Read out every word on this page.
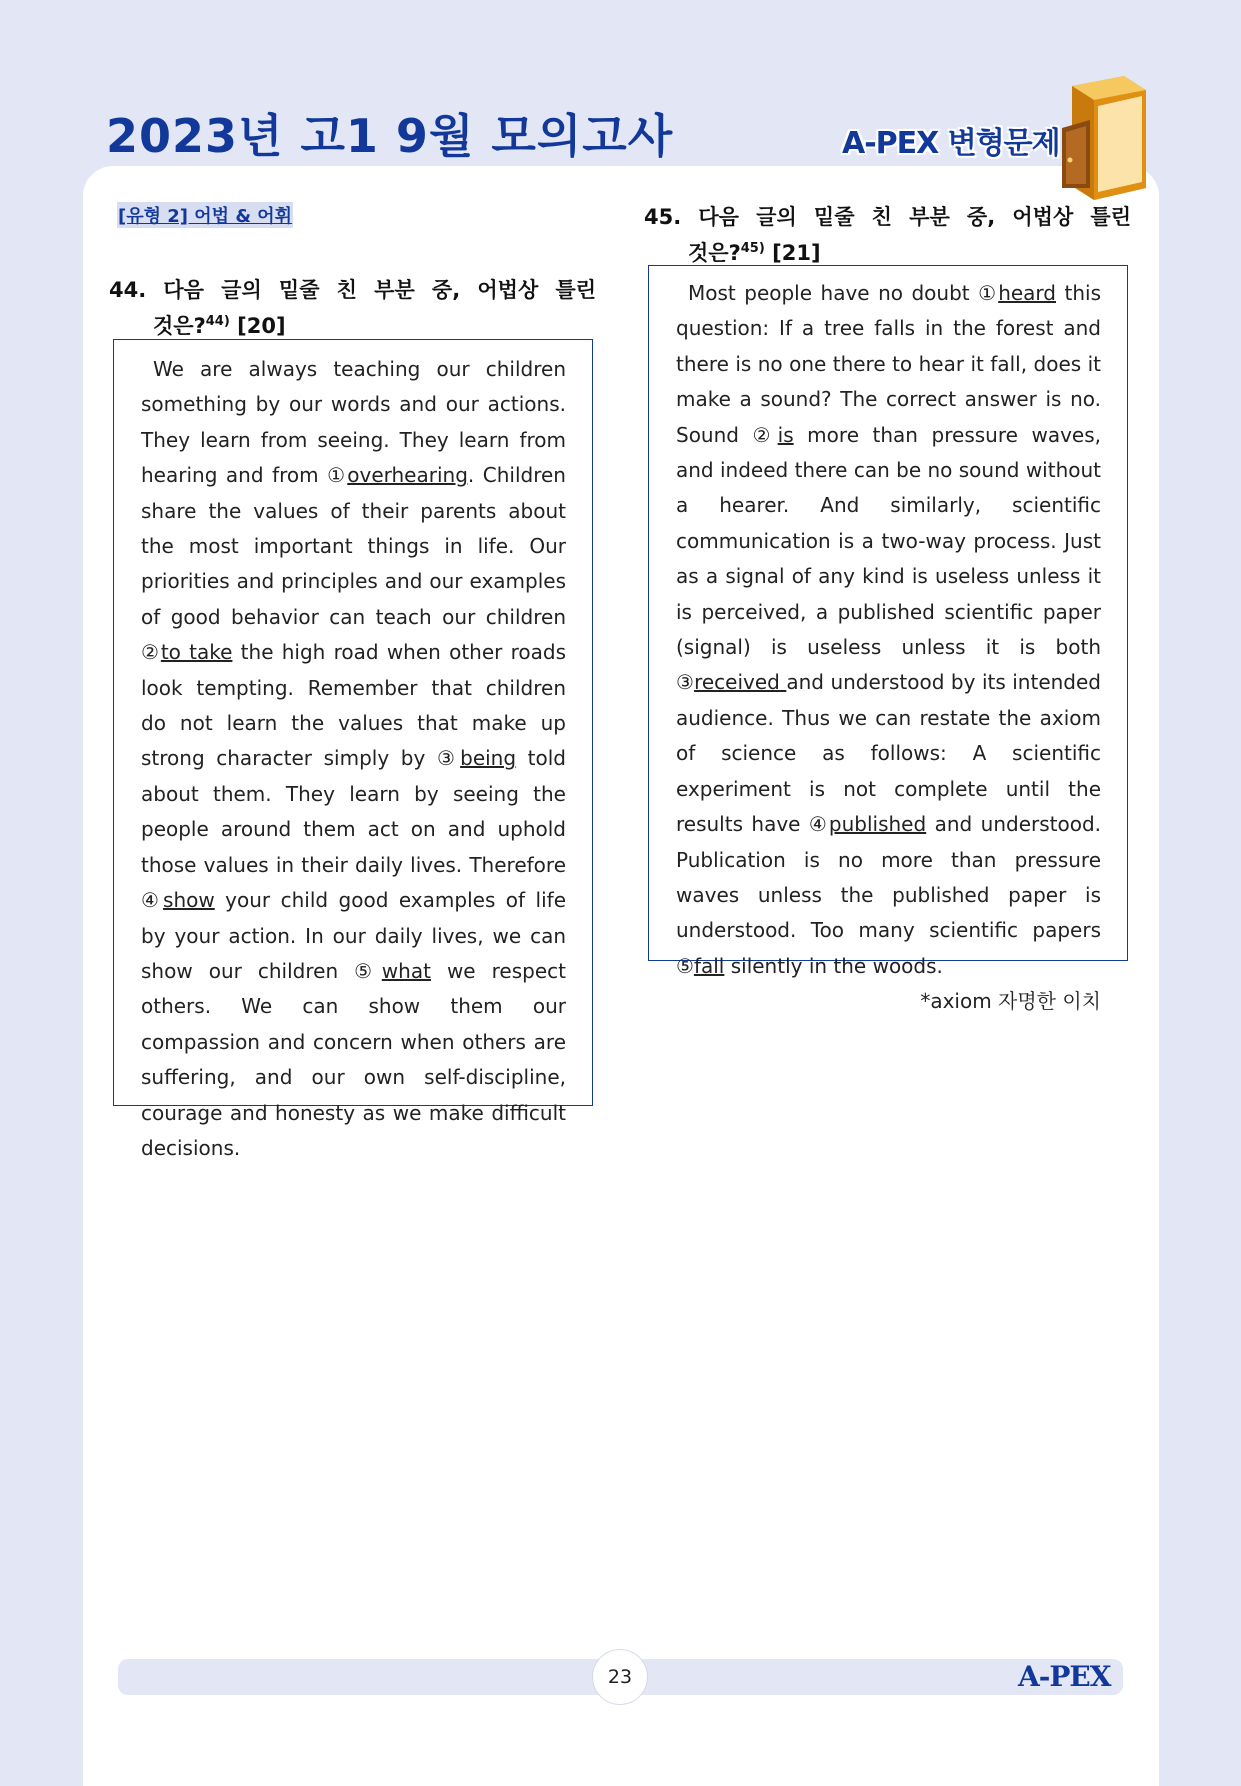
2023년 고1 9월 모의고사	A-PEX 변형문제
[유형 2] 어법 & 어휘
44. 다음 글의 밑줄 친 부분 중, 어법상 틀린
것은?$^{44)}$ [20]

We are always teaching our children something by our words and our actions. They learn from seeing. They learn from hearing and from ①overhearing. Children share the values of their parents about the most important things in life. Our priorities and principles and our examples of good behavior can teach our children ②to take the high road when other roads look tempting. Remember that children do not learn the values that make up strong character simply by ③being told about them. They learn by seeing the people around them act on and uphold those values in their daily lives. Therefore ④show your child good examples of life by your action. In our daily lives, we can show our children ⑤what we respect others. We can show them our compassion and concern when others are suffering, and our own self-discipline, courage and honesty as we make difficult decisions.

45. 다음 글의 밑줄 친 부분 중, 어법상 틀린
것은?$^{45)}$ [21]

Most people have no doubt ①heard this question: If a tree falls in the forest and there is no one there to hear it fall, does it make a sound? The correct answer is no. Sound ②is more than pressure waves, and indeed there can be no sound without a hearer. And similarly, scientific communication is a two-way process. Just as a signal of any kind is useless unless it is perceived, a published scientific paper (signal) is useless unless it is both ③received and understood by its intended audience. Thus we can restate the axiom of science as follows: A scientific experiment is not complete until the results have ④published and understood. Publication is no more than pressure waves unless the published paper is understood. Too many scientific papers ⑤fall silently in the woods.

*axiom 자명한 이치
23	A-PEX
